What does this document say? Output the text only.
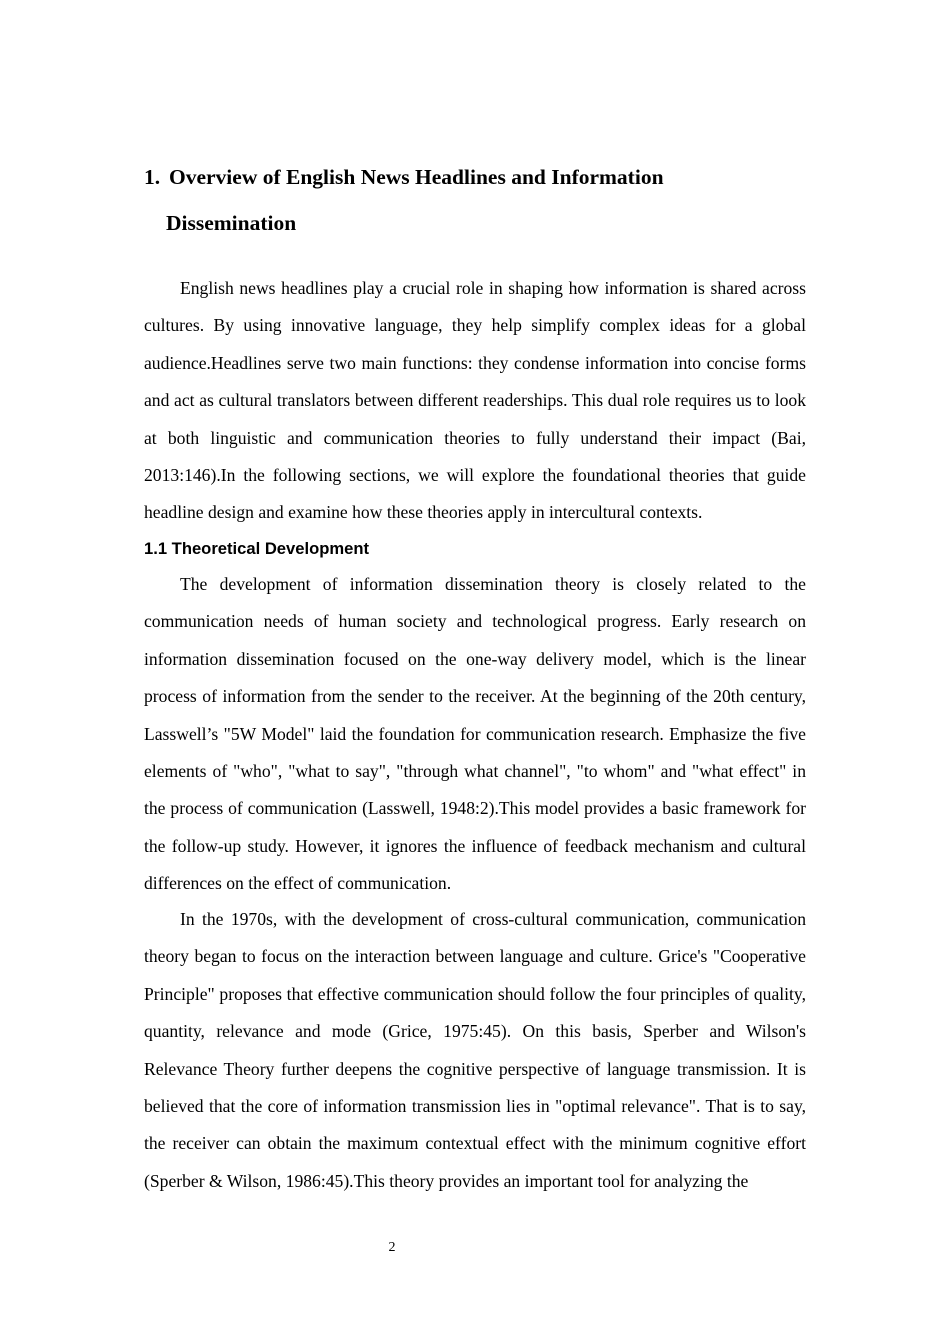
1. Overview of English News Headlines and Information
Dissemination

English news headlines play a crucial role in shaping how information is shared across cultures. By using innovative language, they help simplify complex ideas for a global audience.Headlines serve two main functions: they condense information into concise forms and act as cultural translators between different readerships. This dual role requires us to look at both linguistic and communication theories to fully understand their impact (Bai, 2013:146).In the following sections, we will explore the foundational theories that guide headline design and examine how these theories apply in intercultural contexts.

1.1 Theoretical Development

The development of information dissemination theory is closely related to the communication needs of human society and technological progress. Early research on information dissemination focused on the one-way delivery model, which is the linear process of information from the sender to the receiver. At the beginning of the 20th century, Lasswell’s "5W Model" laid the foundation for communication research. Emphasize the five elements of "who", "what to say", "through what channel", "to whom" and "what effect" in the process of communication (Lasswell, 1948:2).This model provides a basic framework for the follow-up study. However, it ignores the influence of feedback mechanism and cultural differences on the effect of communication.

In the 1970s, with the development of cross-cultural communication, communication theory began to focus on the interaction between language and culture. Grice's "Cooperative Principle" proposes that effective communication should follow the four principles of quality, quantity, relevance and mode (Grice, 1975:45). On this basis, Sperber and Wilson's Relevance Theory further deepens the cognitive perspective of language transmission. It is believed that the core of information transmission lies in "optimal relevance". That is to say, the receiver can obtain the maximum contextual effect with the minimum cognitive effort (Sperber & Wilson, 1986:45).This theory provides an important tool for analyzing the

2
